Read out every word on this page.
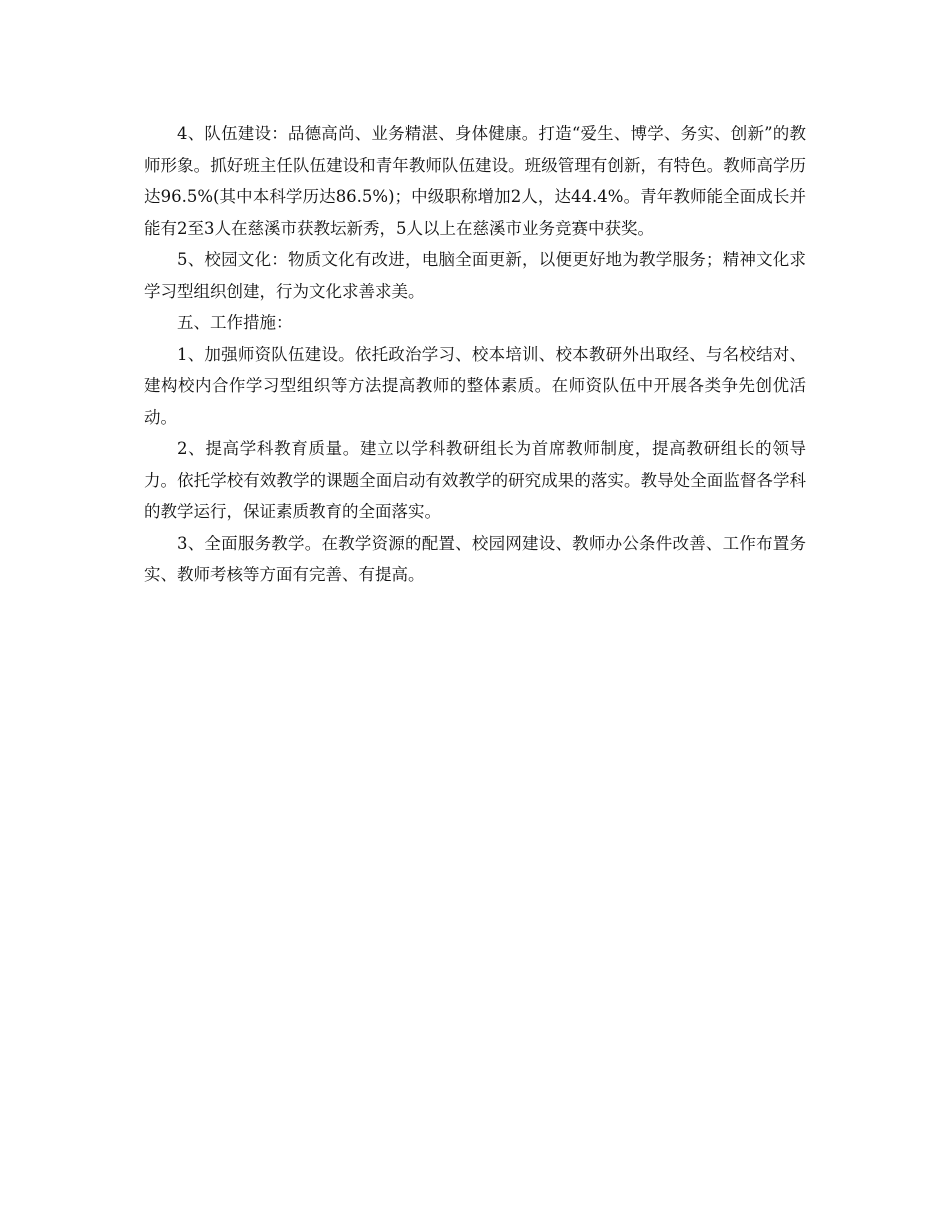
4、队伍建设：品德高尚、业务精湛、身体健康。打造“爱生、博学、务实、创新”的教师形象。抓好班主任队伍建设和青年教师队伍建设。班级管理有创新，有特色。教师高学历达96.5%(其中本科学历达86.5%)；中级职称增加2人，达44.4%。青年教师能全面成长并能有2至3人在慈溪市获教坛新秀，5人以上在慈溪市业务竞赛中获奖。

5、校园文化：物质文化有改进，电脑全面更新，以便更好地为教学服务；精神文化求学习型组织创建，行为文化求善求美。

五、工作措施：

1、加强师资队伍建设。依托政治学习、校本培训、校本教研外出取经、与名校结对、建构校内合作学习型组织等方法提高教师的整体素质。在师资队伍中开展各类争先创优活动。

2、提高学科教育质量。建立以学科教研组长为首席教师制度，提高教研组长的领导力。依托学校有效教学的课题全面启动有效教学的研究成果的落实。教导处全面监督各学科的教学运行，保证素质教育的全面落实。

3、全面服务教学。在教学资源的配置、校园网建设、教师办公条件改善、工作布置务实、教师考核等方面有完善、有提高。
